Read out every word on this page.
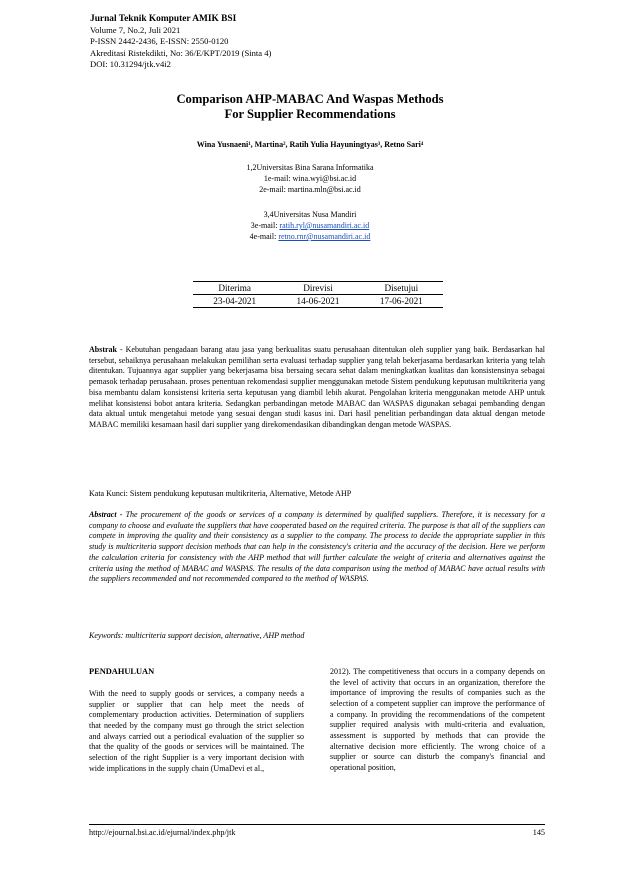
Jurnal Teknik Komputer AMIK BSI
Volume 7, No.2, Juli 2021
P-ISSN 2442-2436, E-ISSN: 2550-0120
Akreditasi Ristekdikti, No: 36/E/KPT/2019 (Sinta 4)
DOI: 10.31294/jtk.v4i2
Comparison AHP-MABAC And Waspas Methods
For Supplier Recommendations
Wina Yusnaeni¹, Martina², Ratih Yulia Hayuningtyas³, Retno Sari⁴
1,2Universitas Bina Sarana Informatika
1e-mail: wina.wyi@bsi.ac.id
2e-mail: martina.mln@bsi.ac.id
3,4Universitas Nusa Mandiri
3e-mail: ratih.ryl@nusamandiri.ac.id
4e-mail: retno.rnr@nusamandiri.ac.id
Diterima	Direvisi	Disetujui
23-04-2021	14-06-2021	17-06-2021
Abstrak - Kebutuhan pengadaan barang atau jasa yang berkualitas suatu perusahaan ditentukan oleh supplier yang baik. Berdasarkan hal tersebut, sebaiknya perusahaan melakukan pemilihan serta evaluasi terhadap supplier yang telah bekerjasama berdasarkan kriteria yang telah ditentukan. Tujuannya agar supplier yang bekerjasama bisa bersaing secara sehat dalam meningkatkan kualitas dan konsistensinya sebagai pemasok terhadap perusahaan. proses penentuan rekomendasi supplier menggunakan metode Sistem pendukung keputusan multikriteria yang bisa membantu dalam konsistensi kriteria serta keputusan yang diambil lebih akurat. Pengolahan kriteria menggunakan metode AHP untuk melihat konsistensi bobot antara kriteria. Sedangkan perbandingan metode MABAC dan WASPAS digunakan sebagai pembanding dengan data aktual untuk mengetahui metode yang sesuai dengan studi kasus ini. Dari hasil penelitian perbandingan data aktual dengan metode MABAC memiliki kesamaan hasil dari supplier yang direkomendasikan dibandingkan dengan metode WASPAS.
Kata Kunci: Sistem pendukung keputusan multikriteria, Alternative, Metode AHP
Abstract - The procurement of the goods or services of a company is determined by qualified suppliers. Therefore, it is necessary for a company to choose and evaluate the suppliers that have cooperated based on the required criteria. The purpose is that all of the suppliers can compete in improving the quality and their consistency as a supplier to the company. The process to decide the appropriate supplier in this study is multicriteria support decision methods that can help in the consistency's criteria and the accuracy of the decision. Here we perform the calculation criteria for consistency with the AHP method that will further calculate the weight of criteria and alternatives against the criteria using the method of MABAC and WASPAS. The results of the data comparison using the method of MABAC have actual results with the suppliers recommended and not recommended compared to the method of WASPAS.
Keywords: multicriteria support decision, alternative, AHP method
PENDAHULUAN
With the need to supply goods or services, a company needs a supplier or supplier that can help meet the needs of complementary production activities. Determination of suppliers that needed by the company must go through the strict selection and always carried out a periodical evaluation of the supplier so that the quality of the goods or services will be maintained. The selection of the right Supplier is a very important decision with wide implications in the supply chain (UmaDevi et al.,
2012). The competitiveness that occurs in a company depends on the level of activity that occurs in an organization, therefore the importance of improving the results of companies such as the selection of a competent supplier can improve the performance of a company. In providing the recommendations of the competent supplier required analysis with multi-criteria and evaluation, assessment is supported by methods that can provide the alternative decision more efficiently. The wrong choice of a supplier or source can disturb the company's financial and operational position,
http://ejournal.bsi.ac.id/ejurnal/index.php/jtk	145
